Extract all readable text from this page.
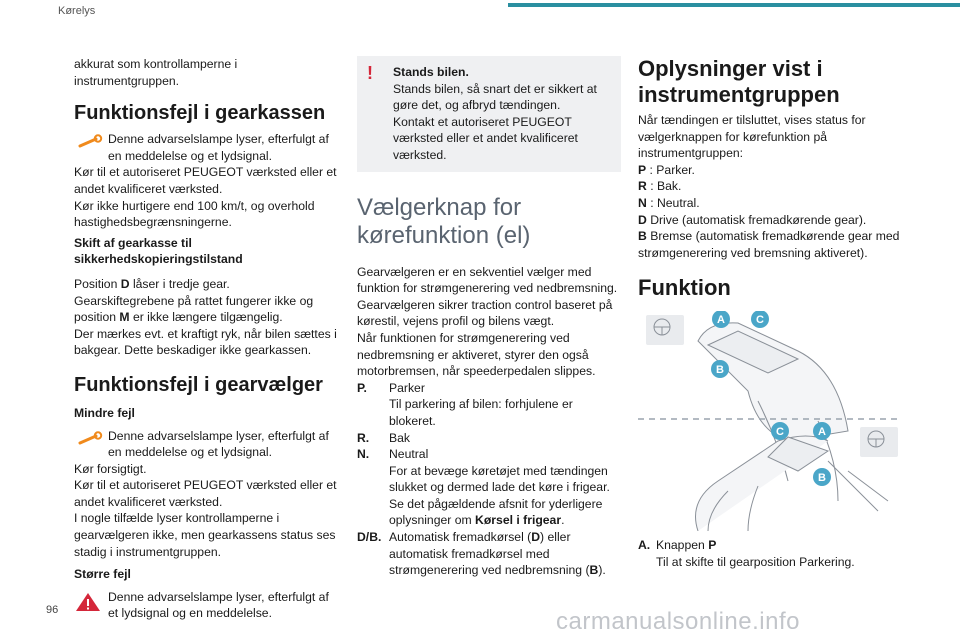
Kørelys

akkurat som kontrollamperne i instrumentgruppen.

Funktionsfejl i gearkassen

Denne advarselslampe lyser, efterfulgt af en meddelelse og et lydsignal.

Kør til et autoriseret PEUGEOT værksted eller et andet kvalificeret værksted.

Kør ikke hurtigere end 100 km/t, og overhold hastighedsbegrænsningerne.

Skift af gearkasse til sikkerhedskopieringstilstand

Position D låser i tredje gear.

Gearskiftegrebene på rattet fungerer ikke og position M er ikke længere tilgængelig.

Der mærkes evt. et kraftigt ryk, når bilen sættes i bakgear. Dette beskadiger ikke gearkassen.

Funktionsfejl i gearvælger

Mindre fejl

Denne advarselslampe lyser, efterfulgt af en meddelelse og et lydsignal.

Kør forsigtigt.

Kør til et autoriseret PEUGEOT værksted eller et andet kvalificeret værksted.

I nogle tilfælde lyser kontrollamperne i gearvælgeren ikke, men gearkassens status ses stadig i instrumentgruppen.

Større fejl

Denne advarselslampe lyser, efterfulgt af et lydsignal og en meddelelse.

!	Stands bilen.

Stands bilen, så snart det er sikkert at gøre det, og afbryd tændingen.

Kontakt et autoriseret PEUGEOT værksted eller et andet kvalificeret værksted.

Vælgerknap for kørefunktion (el)

Gearvælgeren er en sekventiel vælger med funktion for strømgenerering ved nedbremsning.

Gearvælgeren sikrer traction control baseret på kørestil, vejens profil og bilens vægt.

Når funktionen for strømgenerering ved nedbremsning er aktiveret, styrer den også motorbremsen, når speederpedalen slippes.

P.	Parker

Til parkering af bilen: forhjulene er blokeret.

R.	Bak

N.	Neutral

For at bevæge køretøjet med tændingen slukket og dermed lade det køre i frigear. Se det pågældende afsnit for yderligere oplysninger om Kørsel i frigear.

D/B. Automatisk fremadkørsel (D) eller automatisk fremadkørsel med strømgenerering ved nedbremsning (B).

Oplysninger vist i instrumentgruppen

Når tændingen er tilsluttet, vises status for vælgerknappen for kørefunktion på instrumentgruppen:

P : Parker.

R : Bak.

N : Neutral.

D Drive (automatisk fremadkørende gear).

B Bremse (automatisk fremadkørende gear med strømgenerering ved bremsning aktiveret).

Funktion
A	C
B
C	A
B
A. Knappen P

Til at skifte til gearposition Parkering.

96	carmanualsonline.info
